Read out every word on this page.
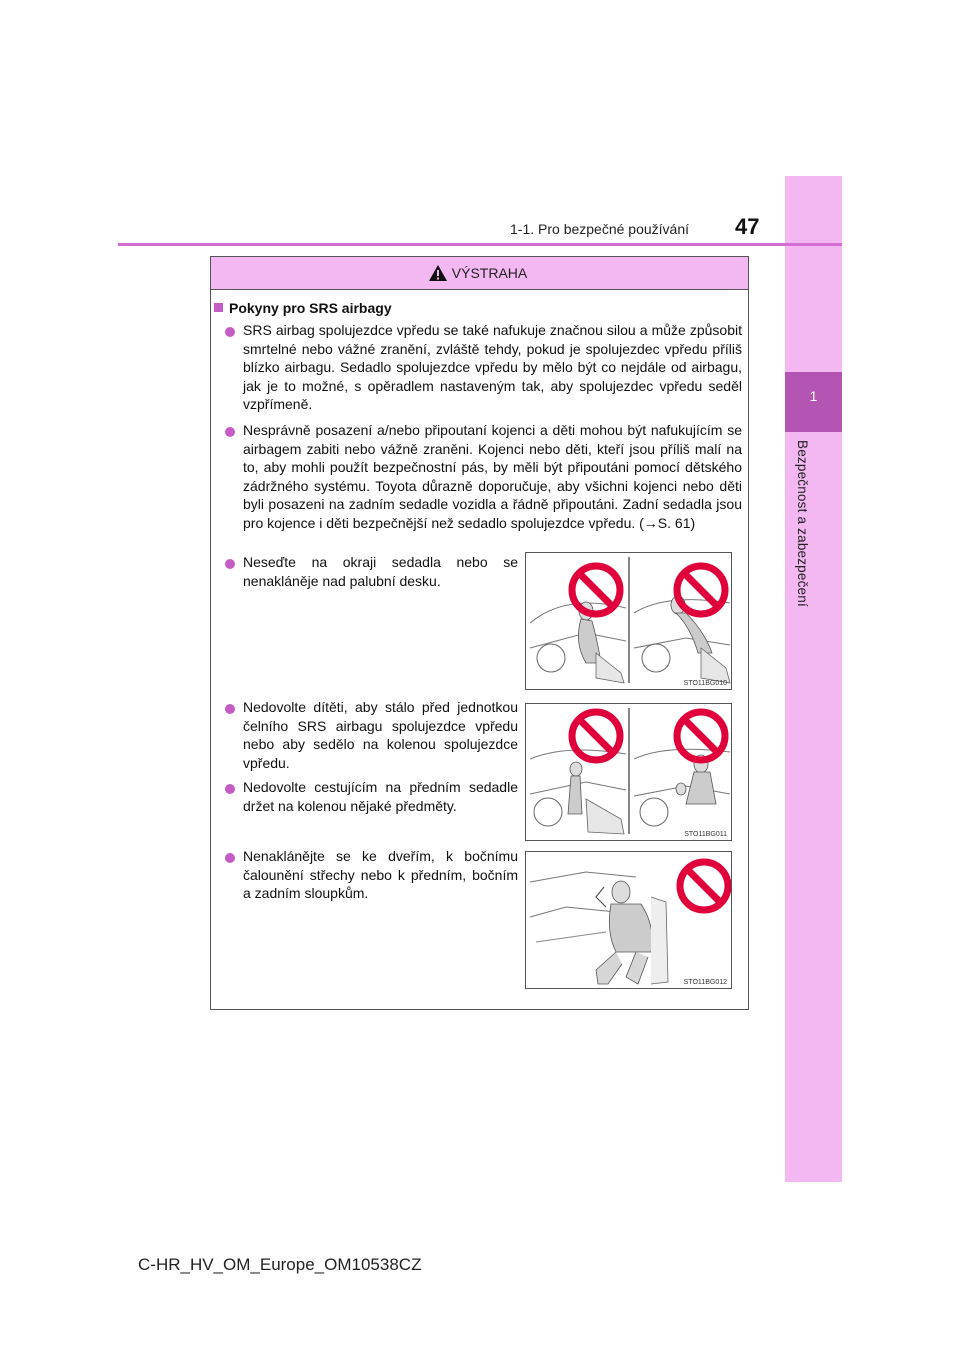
1
Bezpečnost a zabezpečení
1-1. Pro bezpečné používání 47
VÝSTRAHA
Pokyny pro SRS airbagy
SRS airbag spolujezdce vpředu se také nafukuje značnou silou a může způsobit smrtelné nebo vážné zranění, zvláště tehdy, pokud je spolujezdec vpředu příliš blízko airbagu. Sedadlo spolujezdce vpředu by mělo být co nejdále od airbagu, jak je to možné, s opěradlem nastaveným tak, aby spolujezdec vpředu seděl vzpřímeně.
Nesprávně posazení a/nebo připoutaní kojenci a děti mohou být nafukujícím se airbagem zabiti nebo vážně zraněni. Kojenci nebo děti, kteří jsou příliš malí na to, aby mohli použít bezpečnostní pás, by měli být připoutáni pomocí dětského zádržného systému. Toyota důrazně doporučuje, aby všichni kojenci nebo děti byli posazeni na zadním sedadle vozidla a řádně připoutáni. Zadní sedadla jsou pro kojence i děti bezpečnější než sedadlo spolujezdce vpředu. (→S. 61)
Neseďte na okraji sedadla nebo se nenakláněje nad palubní desku.
Nedovolte dítěti, aby stálo před jednotkou čelního SRS airbagu spolujezdce vpředu nebo aby sedělo na kolenou spolujezdce vpředu.
Nedovolte cestujícím na předním sedadle držet na kolenou nějaké předměty.
Nenaklánějte se ke dveřím, k bočnímu čalounění střechy nebo k předním, bočním a zadním sloupkům.
STO11BG010
STO11BG011
STO11BG012
C-HR_HV_OM_Europe_OM10538CZ
